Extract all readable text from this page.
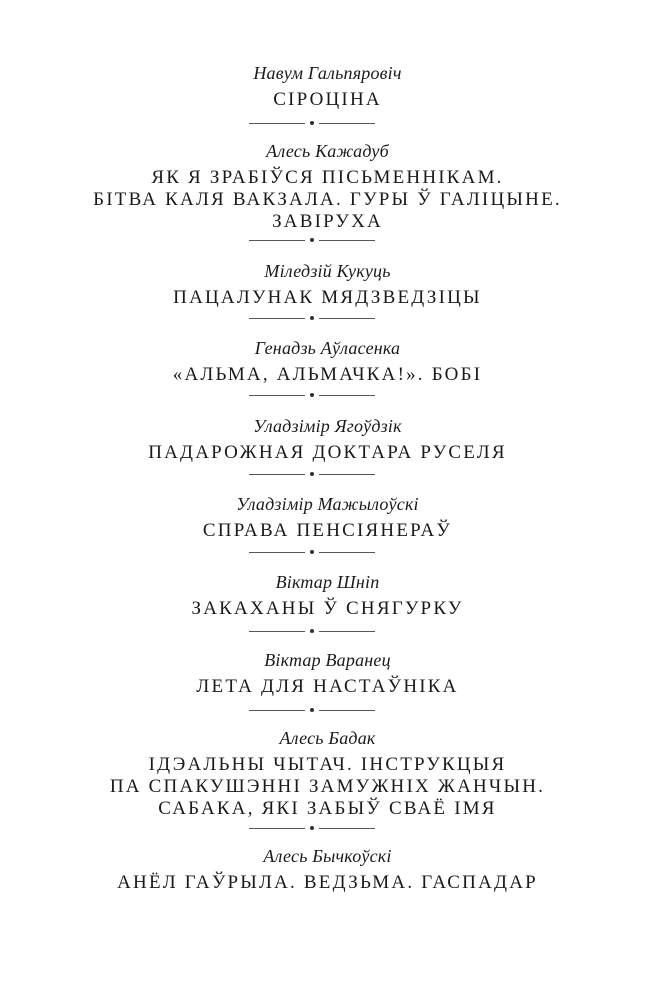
Навум Гальпяровіч
СІРОЦІНА
Алесь Кажадуб
ЯК Я ЗРАБІЎСЯ ПІСЬМЕННІКАМ.
БІТВА КАЛЯ ВАКЗАЛА. ГУРЫ Ў ГАЛІЦЫНЕ.
ЗАВІРУХА
Міледзій Кукуць
ПАЦАЛУНАК МЯДЗВЕДЗІЦЫ
Генадзь Аўласенка
«АЛЬМА, АЛЬМАЧКА!». БОБІ
Уладзімір Ягоўдзік
ПАДАРОЖНАЯ ДОКТАРА РУСЕЛЯ
Уладзімір Мажылоўскі
СПРАВА ПЕНСІЯНЕРАЎ
Віктар Шніп
ЗАКАХАНЫ Ў СНЯГУРКУ
Віктар Варанец
ЛЕТА ДЛЯ НАСТАЎНІКА
Алесь Бадак
ІДЭАЛЬНЫ ЧЫТАЧ. ІНСТРУКЦЫЯ
ПА СПАКУШЭННІ ЗАМУЖНІХ ЖАНЧЫН.
САБАКА, ЯКІ ЗАБЫЎ СВАЁ ІМЯ
Алесь Бычкоўскі
АНЁЛ ГАЎРЫЛА. ВЕДЗЬМА. ГАСПАДАР
